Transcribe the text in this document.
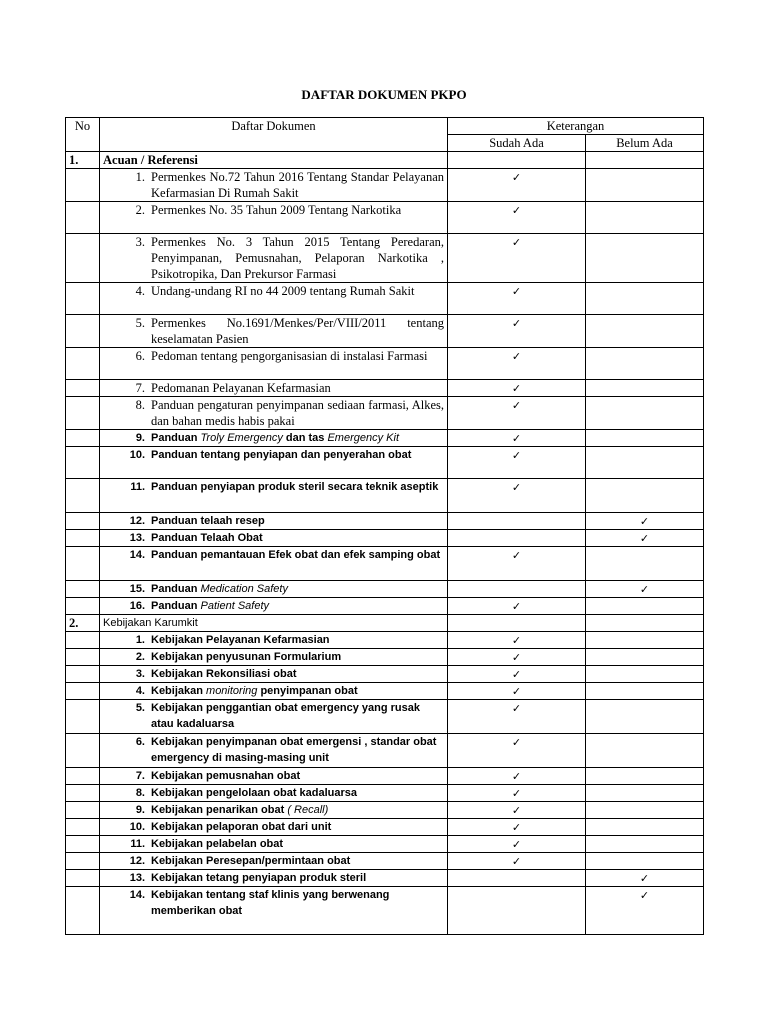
DAFTAR DOKUMEN PKPO
No	Daftar Dokumen	Keterangan	
		Sudah Ada	Belum Ada
1.	Acuan / Referensi		

	1. Permenkes No.72 Tahun 2016 Tentang Standar Pelayanan Kefarmasian Di Rumah Sakit	✓	

	2. Permenkes No. 35 Tahun 2009 Tentang Narkotika	✓	

	3. Permenkes No. 3 Tahun 2015 Tentang Peredaran, Penyimpanan, Pemusnahan, Pelaporan Narkotika , Psikotropika, Dan Prekursor Farmasi	✓	

	4. Undang-undang RI no 44 2009 tentang Rumah Sakit	✓	

	5. Permenkes No.1691/Menkes/Per/VIII/2011 tentang keselamatan Pasien	✓	

	6. Pedoman tentang pengorganisasian di instalasi Farmasi	✓	

	7. Pedomanan Pelayanan Kefarmasian	✓	

	8. Panduan pengaturan penyimpanan sediaan farmasi, Alkes, dan bahan medis habis pakai	✓	

	9. Panduan Troly Emergency dan tas Emergency Kit	✓	

	10. Panduan tentang penyiapan dan penyerahan obat	✓	

	11. Panduan penyiapan produk steril secara teknik aseptik	✓	

	12. Panduan telaah resep		✓

	13. Panduan Telaah Obat		✓

	14. Panduan pemantauan Efek obat dan efek samping obat	✓	

	15. Panduan Medication Safety		✓

	16. Panduan Patient Safety	✓	
2.	Kebijakan Karumkit		

	1. Kebijakan Pelayanan Kefarmasian	✓	

	2. Kebijakan penyusunan Formularium	✓	

	3. Kebijakan Rekonsiliasi obat	✓	

	4. Kebijakan monitoring penyimpanan obat	✓	

	5. Kebijakan penggantian obat emergency yang rusak atau kadaluarsa	✓	

	6. Kebijakan penyimpanan obat emergensi , standar obat emergency di masing-masing unit	✓	

	7. Kebijakan pemusnahan obat	✓	

	8. Kebijakan pengelolaan obat kadaluarsa	✓	

	9. Kebijakan penarikan obat ( Recall)	✓	

	10. Kebijakan pelaporan obat dari unit	✓	

	11. Kebijakan pelabelan obat	✓	

	12. Kebijakan Peresepan/permintaan obat	✓	

	13. Kebijakan tetang penyiapan produk steril		✓

	14. Kebijakan tentang staf klinis yang berwenang memberikan obat		✓
